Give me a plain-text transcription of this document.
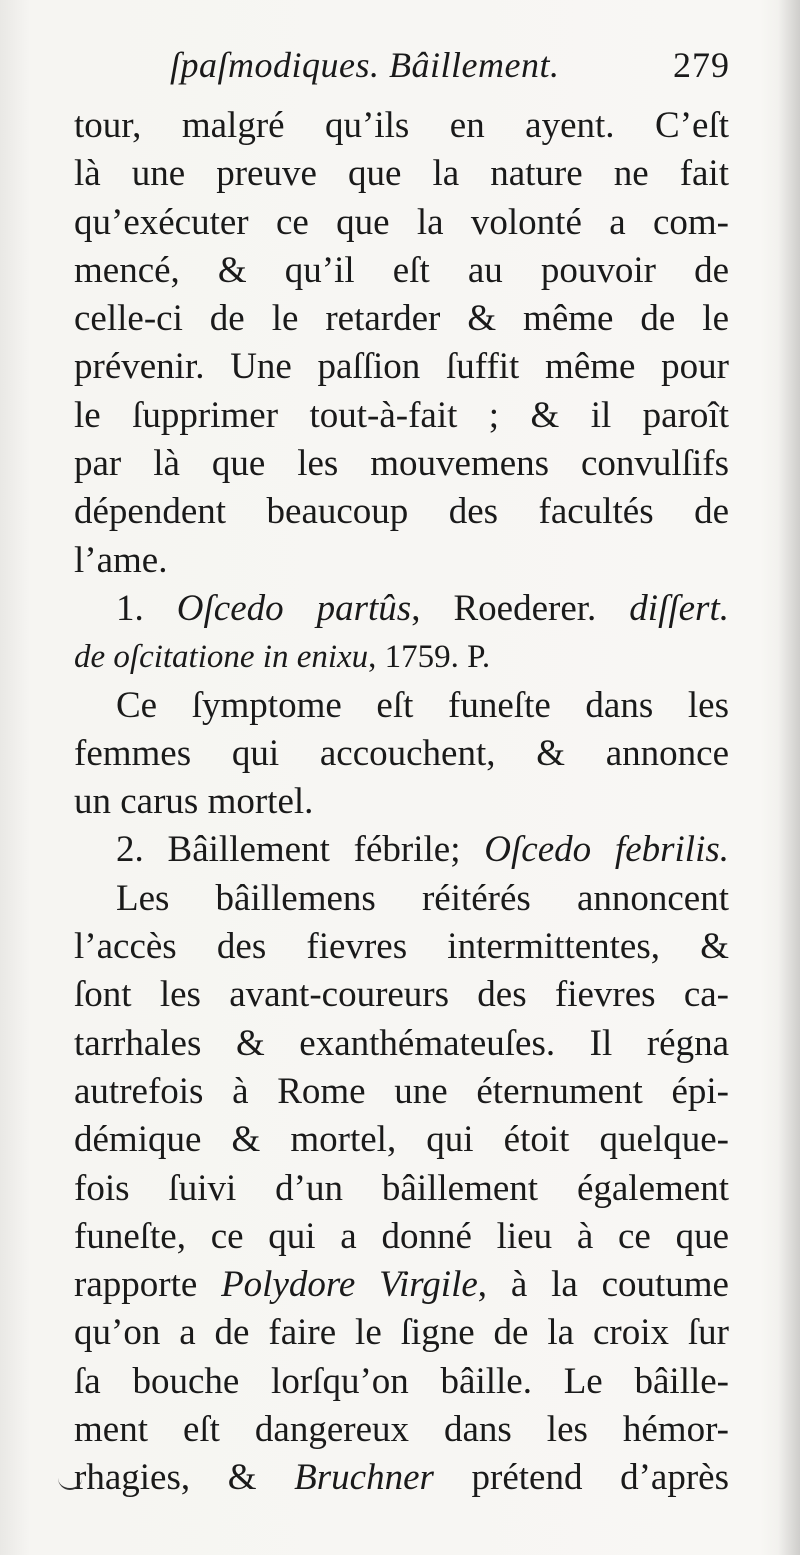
ſpaſmodiques. Bâillement.	279
tour, malgré qu’ils en ayent. C’eſt
là une preuve que la nature ne fait
qu’exécuter ce que la volonté a com-
mencé, & qu’il eſt au pouvoir de
celle-ci de le retarder & même de le
prévenir. Une paſſion ſuffit même pour
le ſupprimer tout-à-fait ; & il paroît
par là que les mouvemens convulſifs
dépendent beaucoup des facultés de
l’ame.
1. Oſcedo partûs, Roederer. diſſert.
de oſcitatione in enixu, 1759. P.
Ce ſymptome eſt funeſte dans les
femmes qui accouchent, & annonce
un carus mortel.
2. Bâillement fébrile; Oſcedo febrilis.
Les bâillemens réitérés annoncent
l’accès des fievres intermittentes, &
ſont les avant-coureurs des fievres ca-
tarrhales & exanthémateuſes. Il régna
autrefois à Rome une éternument épi-
démique & mortel, qui étoit quelque-
fois ſuivi d’un bâillement également
funeſte, ce qui a donné lieu à ce que
rapporte Polydore Virgile, à la coutume
qu’on a de faire le ſigne de la croix ſur
ſa bouche lorſqu’on bâille. Le bâille-
ment eſt dangereux dans les hémor-
rhagies, & Bruchner prétend d’après
